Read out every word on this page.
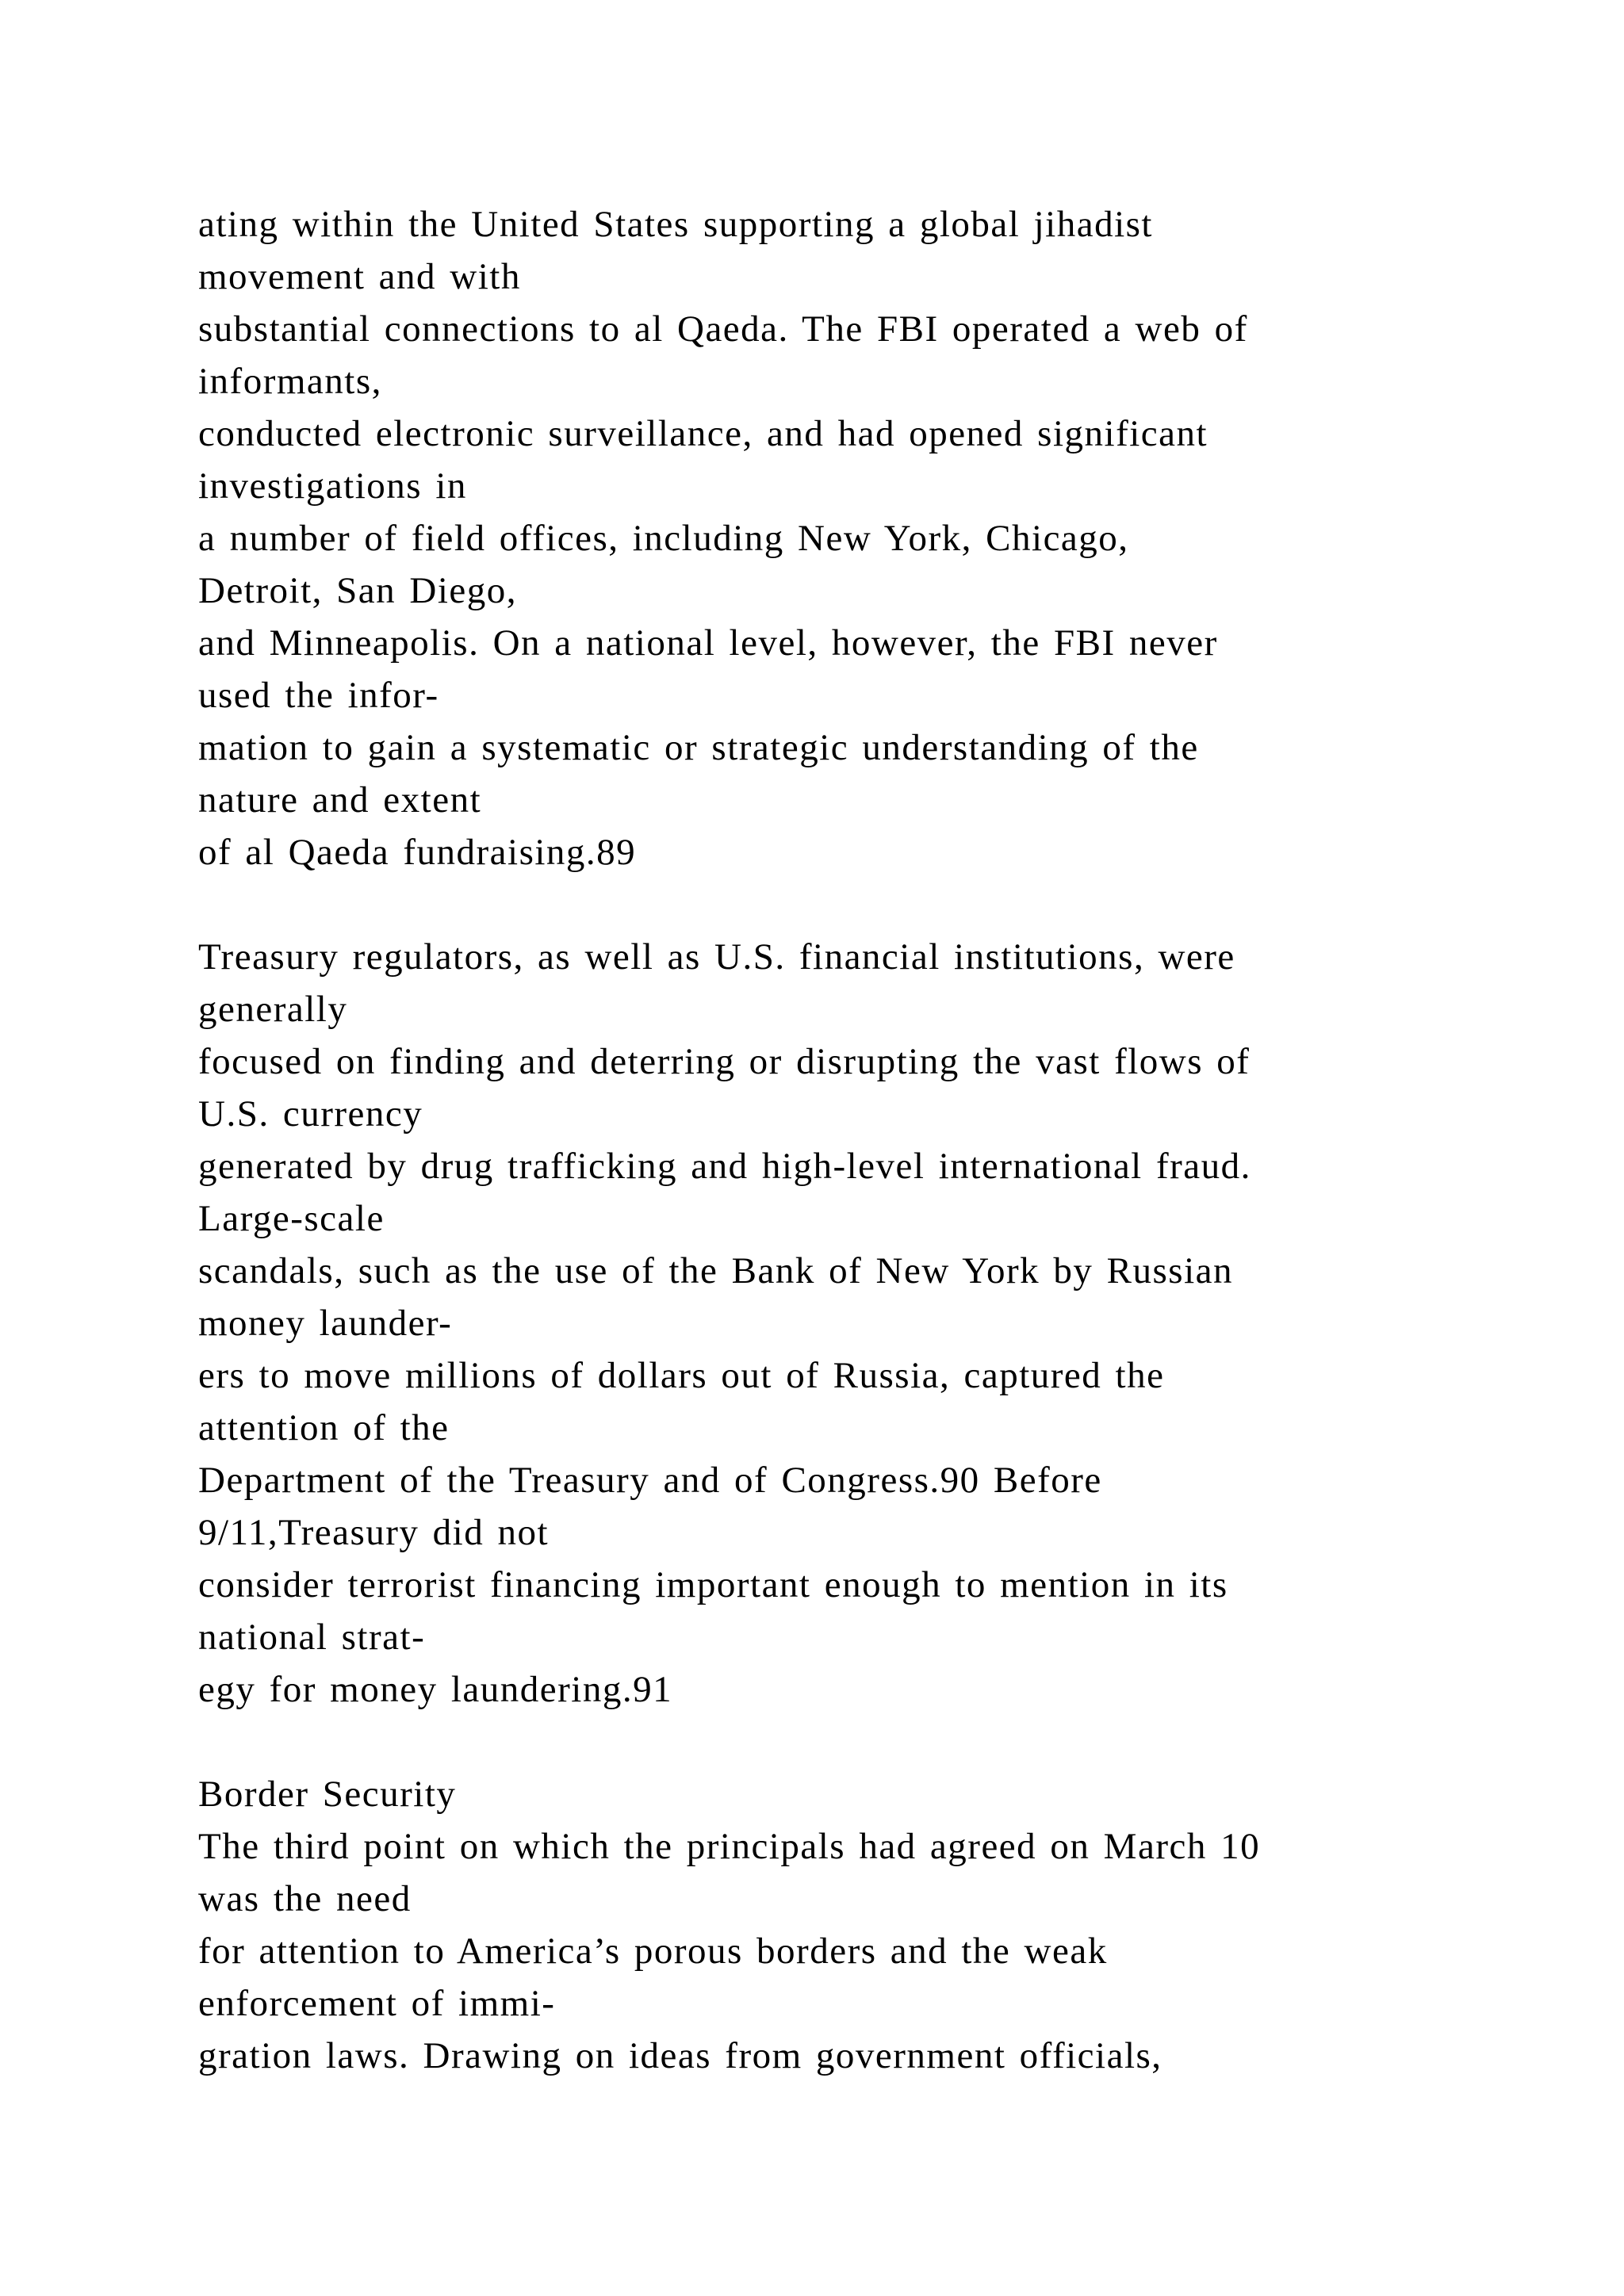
ating within the United States supporting a global jihadist
movement and with
substantial connections to al Qaeda. The FBI operated a web of
informants,
conducted electronic surveillance, and had opened significant
investigations in
a number of field offices, including New York, Chicago,
Detroit, San Diego,
and Minneapolis. On a national level, however, the FBI never
used the infor-
mation to gain a systematic or strategic understanding of the
nature and extent
of al Qaeda fundraising.89
Treasury regulators, as well as U.S. financial institutions, were
generally
focused on finding and deterring or disrupting the vast flows of
U.S. currency
generated by drug trafficking and high-level international fraud.
Large-scale
scandals, such as the use of the Bank of New York by Russian
money launder-
ers to move millions of dollars out of Russia, captured the
attention of the
Department of the Treasury and of Congress.90 Before
9/11,Treasury did not
consider terrorist financing important enough to mention in its
national strat-
egy for money laundering.91
Border Security
The third point on which the principals had agreed on March 10
was the need
for attention to America’s porous borders and the weak
enforcement of immi-
gration laws. Drawing on ideas from government officials,
